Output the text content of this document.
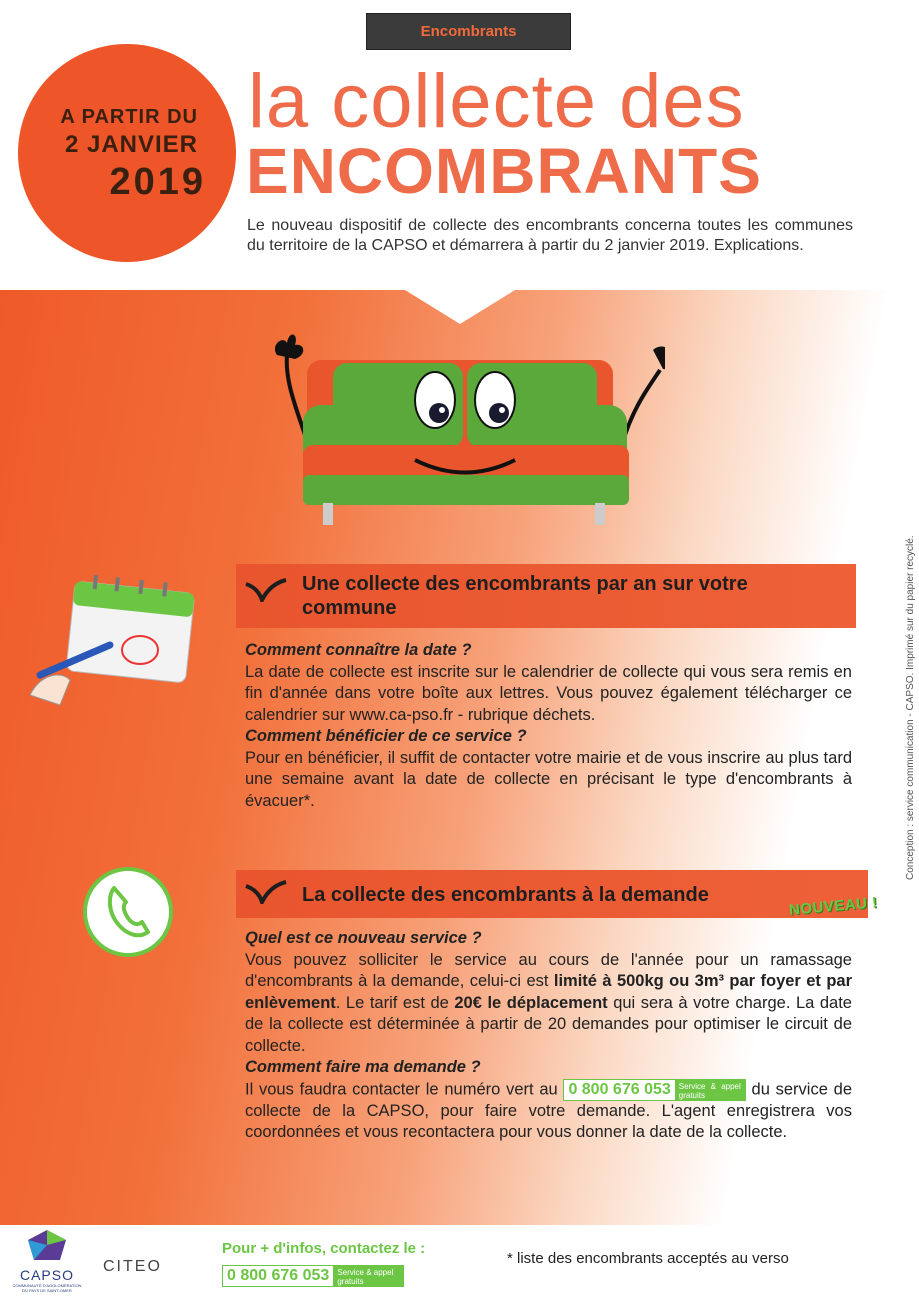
Encombrants
A PARTIR DU
2 JANVIER
2019
la collecte des
ENCOMBRANTS
Le nouveau dispositif de collecte des encombrants concerna toutes les communes du territoire de la CAPSO et démarrera à partir du 2 janvier 2019. Explications.
Conception : service communication - CAPSO. Imprimé sur du papier recyclé.
Une collecte des encombrants par an sur votre commune
Comment connaître la date ?

La date de collecte est inscrite sur le calendrier de collecte qui vous sera remis en fin d'année dans votre boîte aux lettres. Vous pouvez également télécharger ce calendrier sur www.ca-pso.fr - rubrique déchets.

Comment bénéficier de ce service ?

Pour en bénéficier, il suffit de contacter votre mairie et de vous inscrire au plus tard une semaine avant la date de collecte en précisant le type d'encombrants à évacuer*.

La collecte des encombrants à la demande	NOUVEAU !
Quel est ce nouveau service ?

Vous pouvez solliciter le service au cours de l'année pour un ramassage d'encombrants à la demande, celui-ci est limité à 500kg ou 3m³ par foyer et par enlèvement. Le tarif est de 20€ le déplacement qui sera à votre charge. La date de la collecte est déterminée à partir de 20 demandes pour optimiser le circuit de collecte.

Comment faire ma demande ?

Il vous faudra contacter le numéro vert au 0 800 676 053	Service & appel gratuits	du service de collecte de la CAPSO, pour faire votre demande. L'agent enregistrera vos coordonnées et vous recontactera pour vous donner la date de la collecte.

CAPSO
COMMUNAUTÉ D'AGGLOMÉRATION DU PAYS DE SAINT-OMER
CITEO
Pour + d'infos, contactez le :
0 800 676 053	Service & appel gratuits
* liste des encombrants acceptés au verso
